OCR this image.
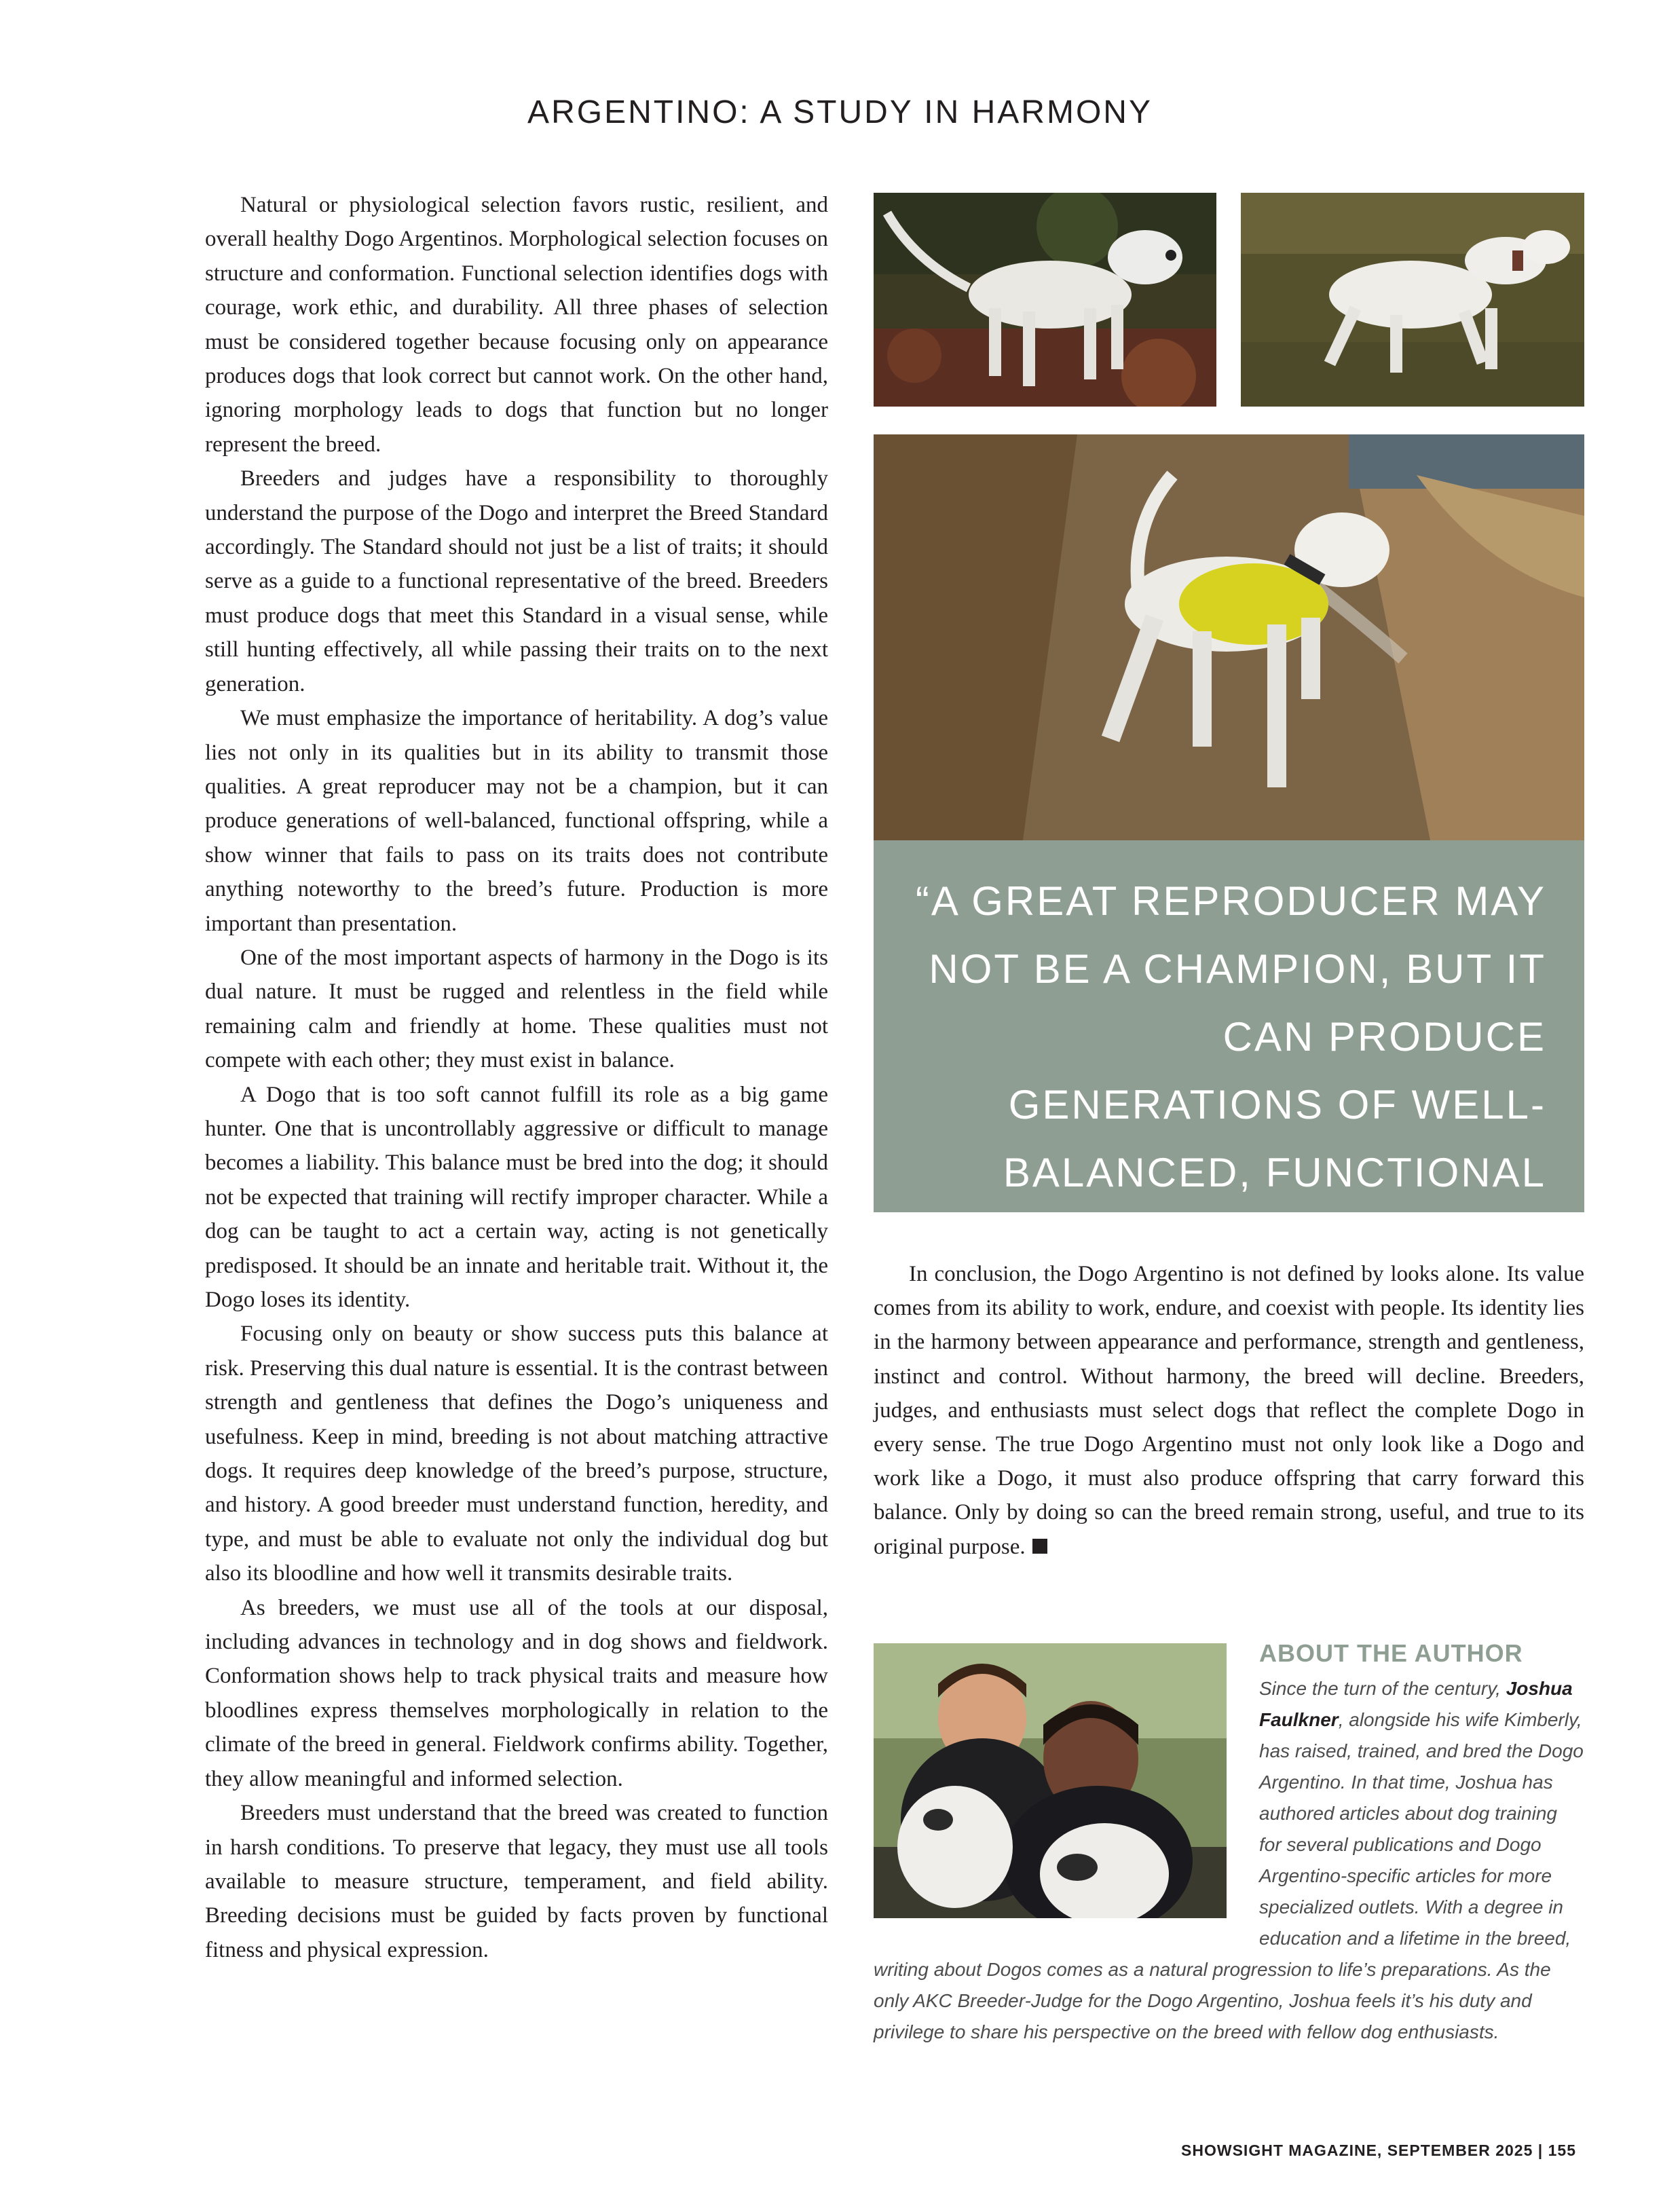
ARGENTINO: A STUDY IN HARMONY

Natural or physiological selection favors rustic, resilient, and overall healthy Dogo Argentinos. Morphological selection focuses on structure and conformation. Functional selection identifies dogs with courage, work ethic, and durability. All three phases of selection must be considered together because focusing only on appearance produces dogs that look correct but cannot work. On the other hand, ignoring morphology leads to dogs that function but no longer represent the breed.

Breeders and judges have a responsibility to thoroughly understand the purpose of the Dogo and interpret the Breed Standard accordingly. The Standard should not just be a list of traits; it should serve as a guide to a functional representative of the breed. Breeders must produce dogs that meet this Standard in a visual sense, while still hunting effectively, all while passing their traits on to the next generation.

We must emphasize the importance of heritability. A dog’s value lies not only in its qualities but in its ability to transmit those qualities. A great reproducer may not be a champion, but it can produce generations of well-balanced, functional offspring, while a show winner that fails to pass on its traits does not contribute anything noteworthy to the breed’s future. Production is more important than presentation.

One of the most important aspects of harmony in the Dogo is its dual nature. It must be rugged and relentless in the field while remaining calm and friendly at home. These qualities must not compete with each other; they must exist in balance.

A Dogo that is too soft cannot fulfill its role as a big game hunter. One that is uncontrollably aggressive or difficult to manage becomes a liability. This balance must be bred into the dog; it should not be expected that training will rectify improper character. While a dog can be taught to act a certain way, acting is not genetically predisposed. It should be an innate and heritable trait. Without it, the Dogo loses its identity.

Focusing only on beauty or show success puts this balance at risk. Preserving this dual nature is essential. It is the contrast between strength and gentleness that defines the Dogo’s uniqueness and usefulness. Keep in mind, breeding is not about matching attractive dogs. It requires deep knowledge of the breed’s purpose, structure, and history. A good breeder must understand function, heredity, and type, and must be able to evaluate not only the individual dog but also its bloodline and how well it transmits desirable traits.

As breeders, we must use all of the tools at our disposal, including advances in technology and in dog shows and fieldwork. Conformation shows help to track physical traits and measure how bloodlines express themselves morphologically in relation to the climate of the breed in general. Fieldwork confirms ability. Together, they allow meaningful and informed selection.

Breeders must understand that the breed was created to function in harsh conditions. To preserve that legacy, they must use all tools available to measure structure, temperament, and field ability. Breeding decisions must be guided by facts proven by functional fitness and physical expression.

“A GREAT REPRODUCER MAY NOT BE A CHAMPION, BUT IT CAN PRODUCE GENERATIONS OF WELL-BALANCED, FUNCTIONAL OFFSPRING...”

In conclusion, the Dogo Argentino is not defined by looks alone. Its value comes from its ability to work, endure, and coexist with people. Its identity lies in the harmony between appearance and performance, strength and gentleness, instinct and control. Without harmony, the breed will decline. Breeders, judges, and enthusiasts must select dogs that reflect the complete Dogo in every sense. The true Dogo Argentino must not only look like a Dogo and work like a Dogo, it must also produce offspring that carry forward this balance. Only by doing so can the breed remain strong, useful, and true to its original purpose.

ABOUT THE AUTHOR
Since the turn of the century, Joshua Faulkner, alongside his wife Kimberly, has raised, trained, and bred the Dogo Argentino. In that time, Joshua has authored articles about dog training for several publications and Dogo Argentino-specific articles for more specialized outlets. With a degree in education and a lifetime in the breed, writing about Dogos comes as a natural progression to life’s preparations. As the only AKC Breeder-Judge for the Dogo Argentino, Joshua feels it’s his duty and privilege to share his perspective on the breed with fellow dog enthusiasts.
SHOWSIGHT MAGAZINE, SEPTEMBER 2025 | 155
